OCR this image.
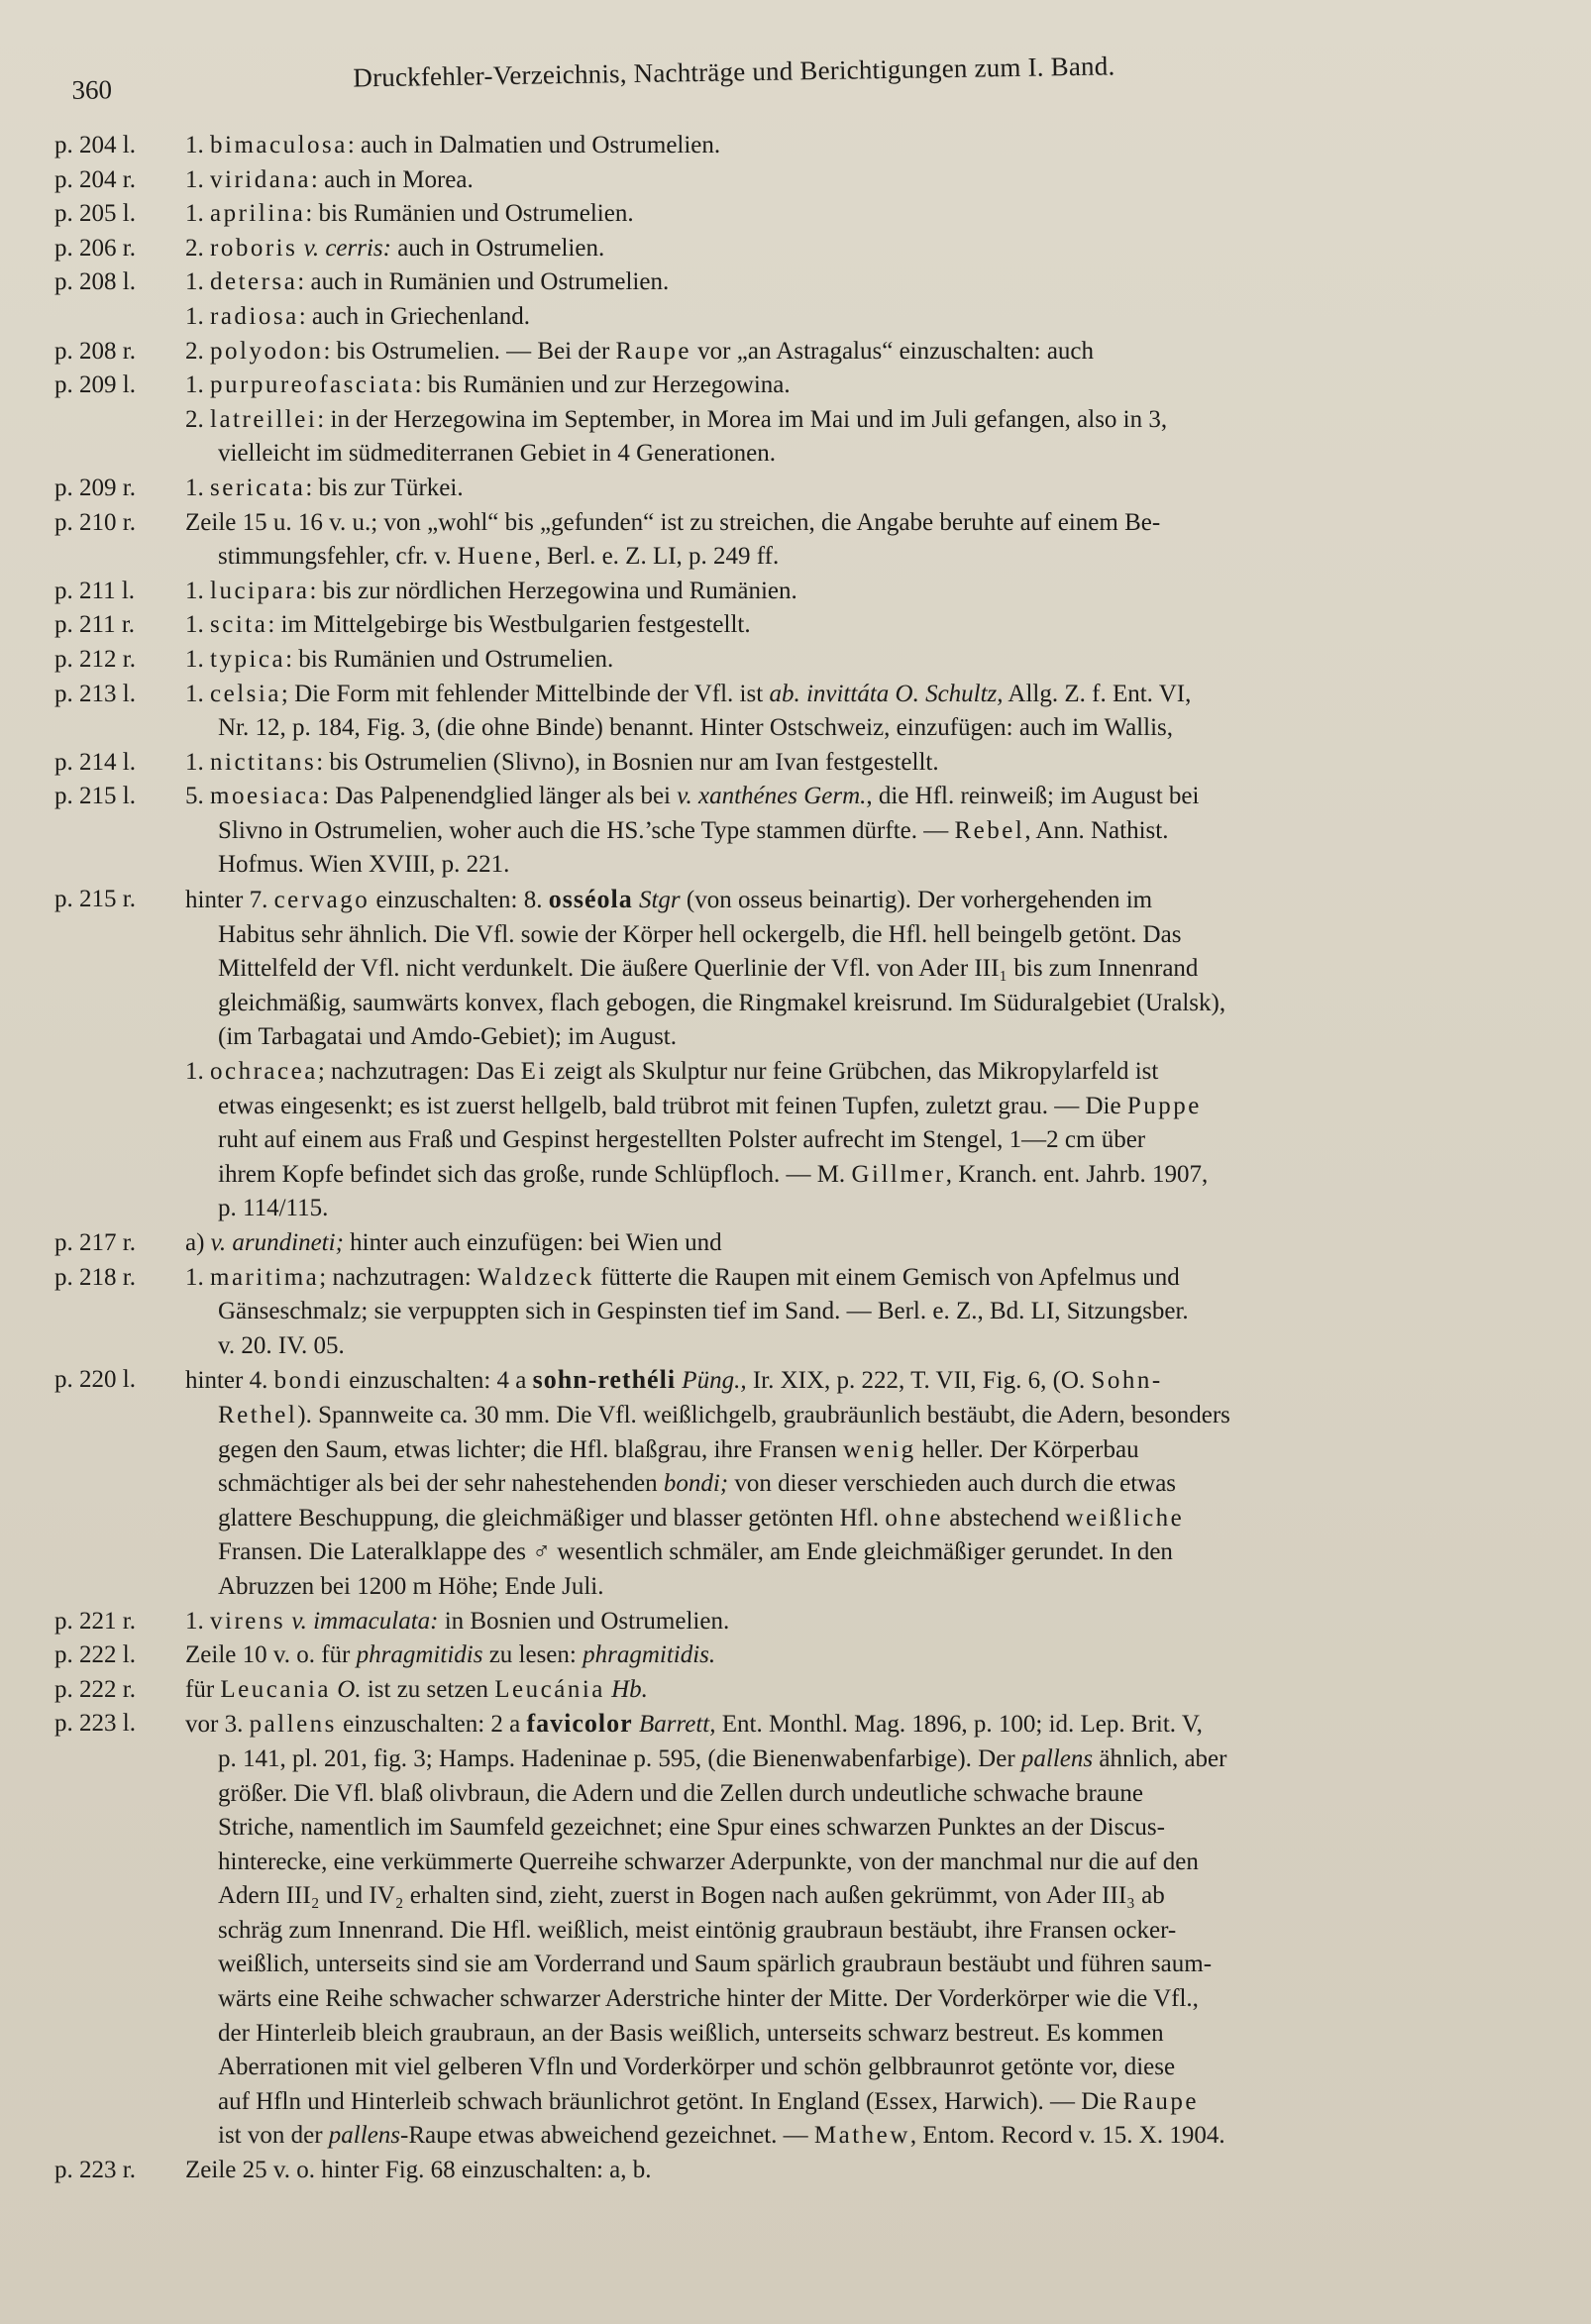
360	Druckfehler-Verzeichnis, Nachträge und Berichtigungen zum I. Band.
p. 204 l.	1. bimaculosa: auch in Dalmatien und Ostrumelien.
p. 204 r.	1. viridana: auch in Morea.
p. 205 l.	1. aprilina: bis Rumänien und Ostrumelien.
p. 206 r.	2. roboris v. cerris: auch in Ostrumelien.
p. 208 l.	1. detersa: auch in Rumänien und Ostrumelien.
1. radiosa: auch in Griechenland.
p. 208 r.	2. polyodon: bis Ostrumelien. — Bei der Raupe vor „an Astragalus“ einzuschalten: auch
p. 209 l.	1. purpureofasciata: bis Rumänien und zur Herzegowina.
2. latreillei: in der Herzegowina im September, in Morea im Mai und im Juli gefangen, also in 3,
vielleicht im südmediterranen Gebiet in 4 Generationen.
p. 209 r.	1. sericata: bis zur Türkei.
p. 210 r.	Zeile 15 u. 16 v. u.; von „wohl“ bis „gefunden“ ist zu streichen, die Angabe beruhte auf einem Be-
stimmungsfehler, cfr. v. Huene, Berl. e. Z. LI, p. 249 ff.
p. 211 l.	1. lucipara: bis zur nördlichen Herzegowina und Rumänien.
p. 211 r.	1. scita: im Mittelgebirge bis Westbulgarien festgestellt.
p. 212 r.	1. typica: bis Rumänien und Ostrumelien.
p. 213 l.	1. celsia; Die Form mit fehlender Mittelbinde der Vfl. ist ab. invittáta O. Schultz, Allg. Z. f. Ent. VI,
Nr. 12, p. 184, Fig. 3, (die ohne Binde) benannt. Hinter Ostschweiz, einzufügen: auch im Wallis,
p. 214 l.	1. nictitans: bis Ostrumelien (Slivno), in Bosnien nur am Ivan festgestellt.
p. 215 l.	5. moesiaca: Das Palpenendglied länger als bei v. xanthénes Germ., die Hfl. reinweiß; im August bei
Slivno in Ostrumelien, woher auch die HS.’sche Type stammen dürfte. — Rebel, Ann. Nathist.
Hofmus. Wien XVIII, p. 221.
p. 215 r.	hinter 7. cervago einzuschalten: 8. osséola Stgr (von osseus beinartig). Der vorhergehenden im
Habitus sehr ähnlich. Die Vfl. sowie der Körper hell ockergelb, die Hfl. hell beingelb getönt. Das
Mittelfeld der Vfl. nicht verdunkelt. Die äußere Querlinie der Vfl. von Ader III₁ bis zum Innenrand
gleichmäßig, saumwärts konvex, flach gebogen, die Ringmakel kreisrund. Im Süduralgebiet (Uralsk),
(im Tarbagatai und Amdo-Gebiet); im August.
1. ochracea; nachzutragen: Das Ei zeigt als Skulptur nur feine Grübchen, das Mikropylarfeld ist
etwas eingesenkt; es ist zuerst hellgelb, bald trübrot mit feinen Tupfen, zuletzt grau. — Die Puppe
ruht auf einem aus Fraß und Gespinst hergestellten Polster aufrecht im Stengel, 1—2 cm über
ihrem Kopfe befindet sich das große, runde Schlüpfloch. — M. Gillmer, Kranch. ent. Jahrb. 1907,
p. 114/115.
p. 217 r.	a) v. arundineti; hinter auch einzufügen: bei Wien und
p. 218 r.	1. maritima; nachzutragen: Waldzeck fütterte die Raupen mit einem Gemisch von Apfelmus und
Gänseschmalz; sie verpuppten sich in Gespinsten tief im Sand. — Berl. e. Z., Bd. LI, Sitzungsber.
v. 20. IV. 05.
p. 220 l.	hinter 4. bondi einzuschalten: 4 a sohn-rethéli Püng., Ir. XIX, p. 222, T. VII, Fig. 6, (O. Sohn-
Rethel). Spannweite ca. 30 mm. Die Vfl. weißlichgelb, graubräunlich bestäubt, die Adern, besonders
gegen den Saum, etwas lichter; die Hfl. blaßgrau, ihre Fransen wenig heller. Der Körperbau
schmächtiger als bei der sehr nahestehenden bondi; von dieser verschieden auch durch die etwas
glattere Beschuppung, die gleichmäßiger und blasser getönten Hfl. ohne abstechend weißliche
Fransen. Die Lateralklappe des ♂ wesentlich schmäler, am Ende gleichmäßiger gerundet. In den
Abruzzen bei 1200 m Höhe; Ende Juli.
p. 221 r.	1. virens v. immaculata: in Bosnien und Ostrumelien.
p. 222 l.	Zeile 10 v. o. für phragmitidis zu lesen: phragmitidis.
p. 222 r.	für Leucania O. ist zu setzen Leucánia Hb.
p. 223 l.	vor 3. pallens einzuschalten: 2 a favicolor Barrett, Ent. Monthl. Mag. 1896, p. 100; id. Lep. Brit. V,
p. 141, pl. 201, fig. 3; Hamps. Hadeninae p. 595, (die Bienenwabenfarbige). Der pallens ähnlich, aber
größer. Die Vfl. blaß olivbraun, die Adern und die Zellen durch undeutliche schwache braune
Striche, namentlich im Saumfeld gezeichnet; eine Spur eines schwarzen Punktes an der Discus-
hinterecke, eine verkümmerte Querreihe schwarzer Aderpunkte, von der manchmal nur die auf den
Adern III₂ und IV₂ erhalten sind, zieht, zuerst in Bogen nach außen gekrümmt, von Ader III₃ ab
schräg zum Innenrand. Die Hfl. weißlich, meist eintönig graubraun bestäubt, ihre Fransen ocker-
weißlich, unterseits sind sie am Vorderrand und Saum spärlich graubraun bestäubt und führen saum-
wärts eine Reihe schwacher schwarzer Aderstriche hinter der Mitte. Der Vorderkörper wie die Vfl.,
der Hinterleib bleich graubraun, an der Basis weißlich, unterseits schwarz bestreut. Es kommen
Aberrationen mit viel gelberen Vfln und Vorderkörper und schön gelbbraunrot getönte vor, diese
auf Hfln und Hinterleib schwach bräunlichrot getönt. In England (Essex, Harwich). — Die Raupe
ist von der pallens-Raupe etwas abweichend gezeichnet. — Mathew, Entom. Record v. 15. X. 1904.
p. 223 r.	Zeile 25 v. o. hinter Fig. 68 einzuschalten: a, b.
